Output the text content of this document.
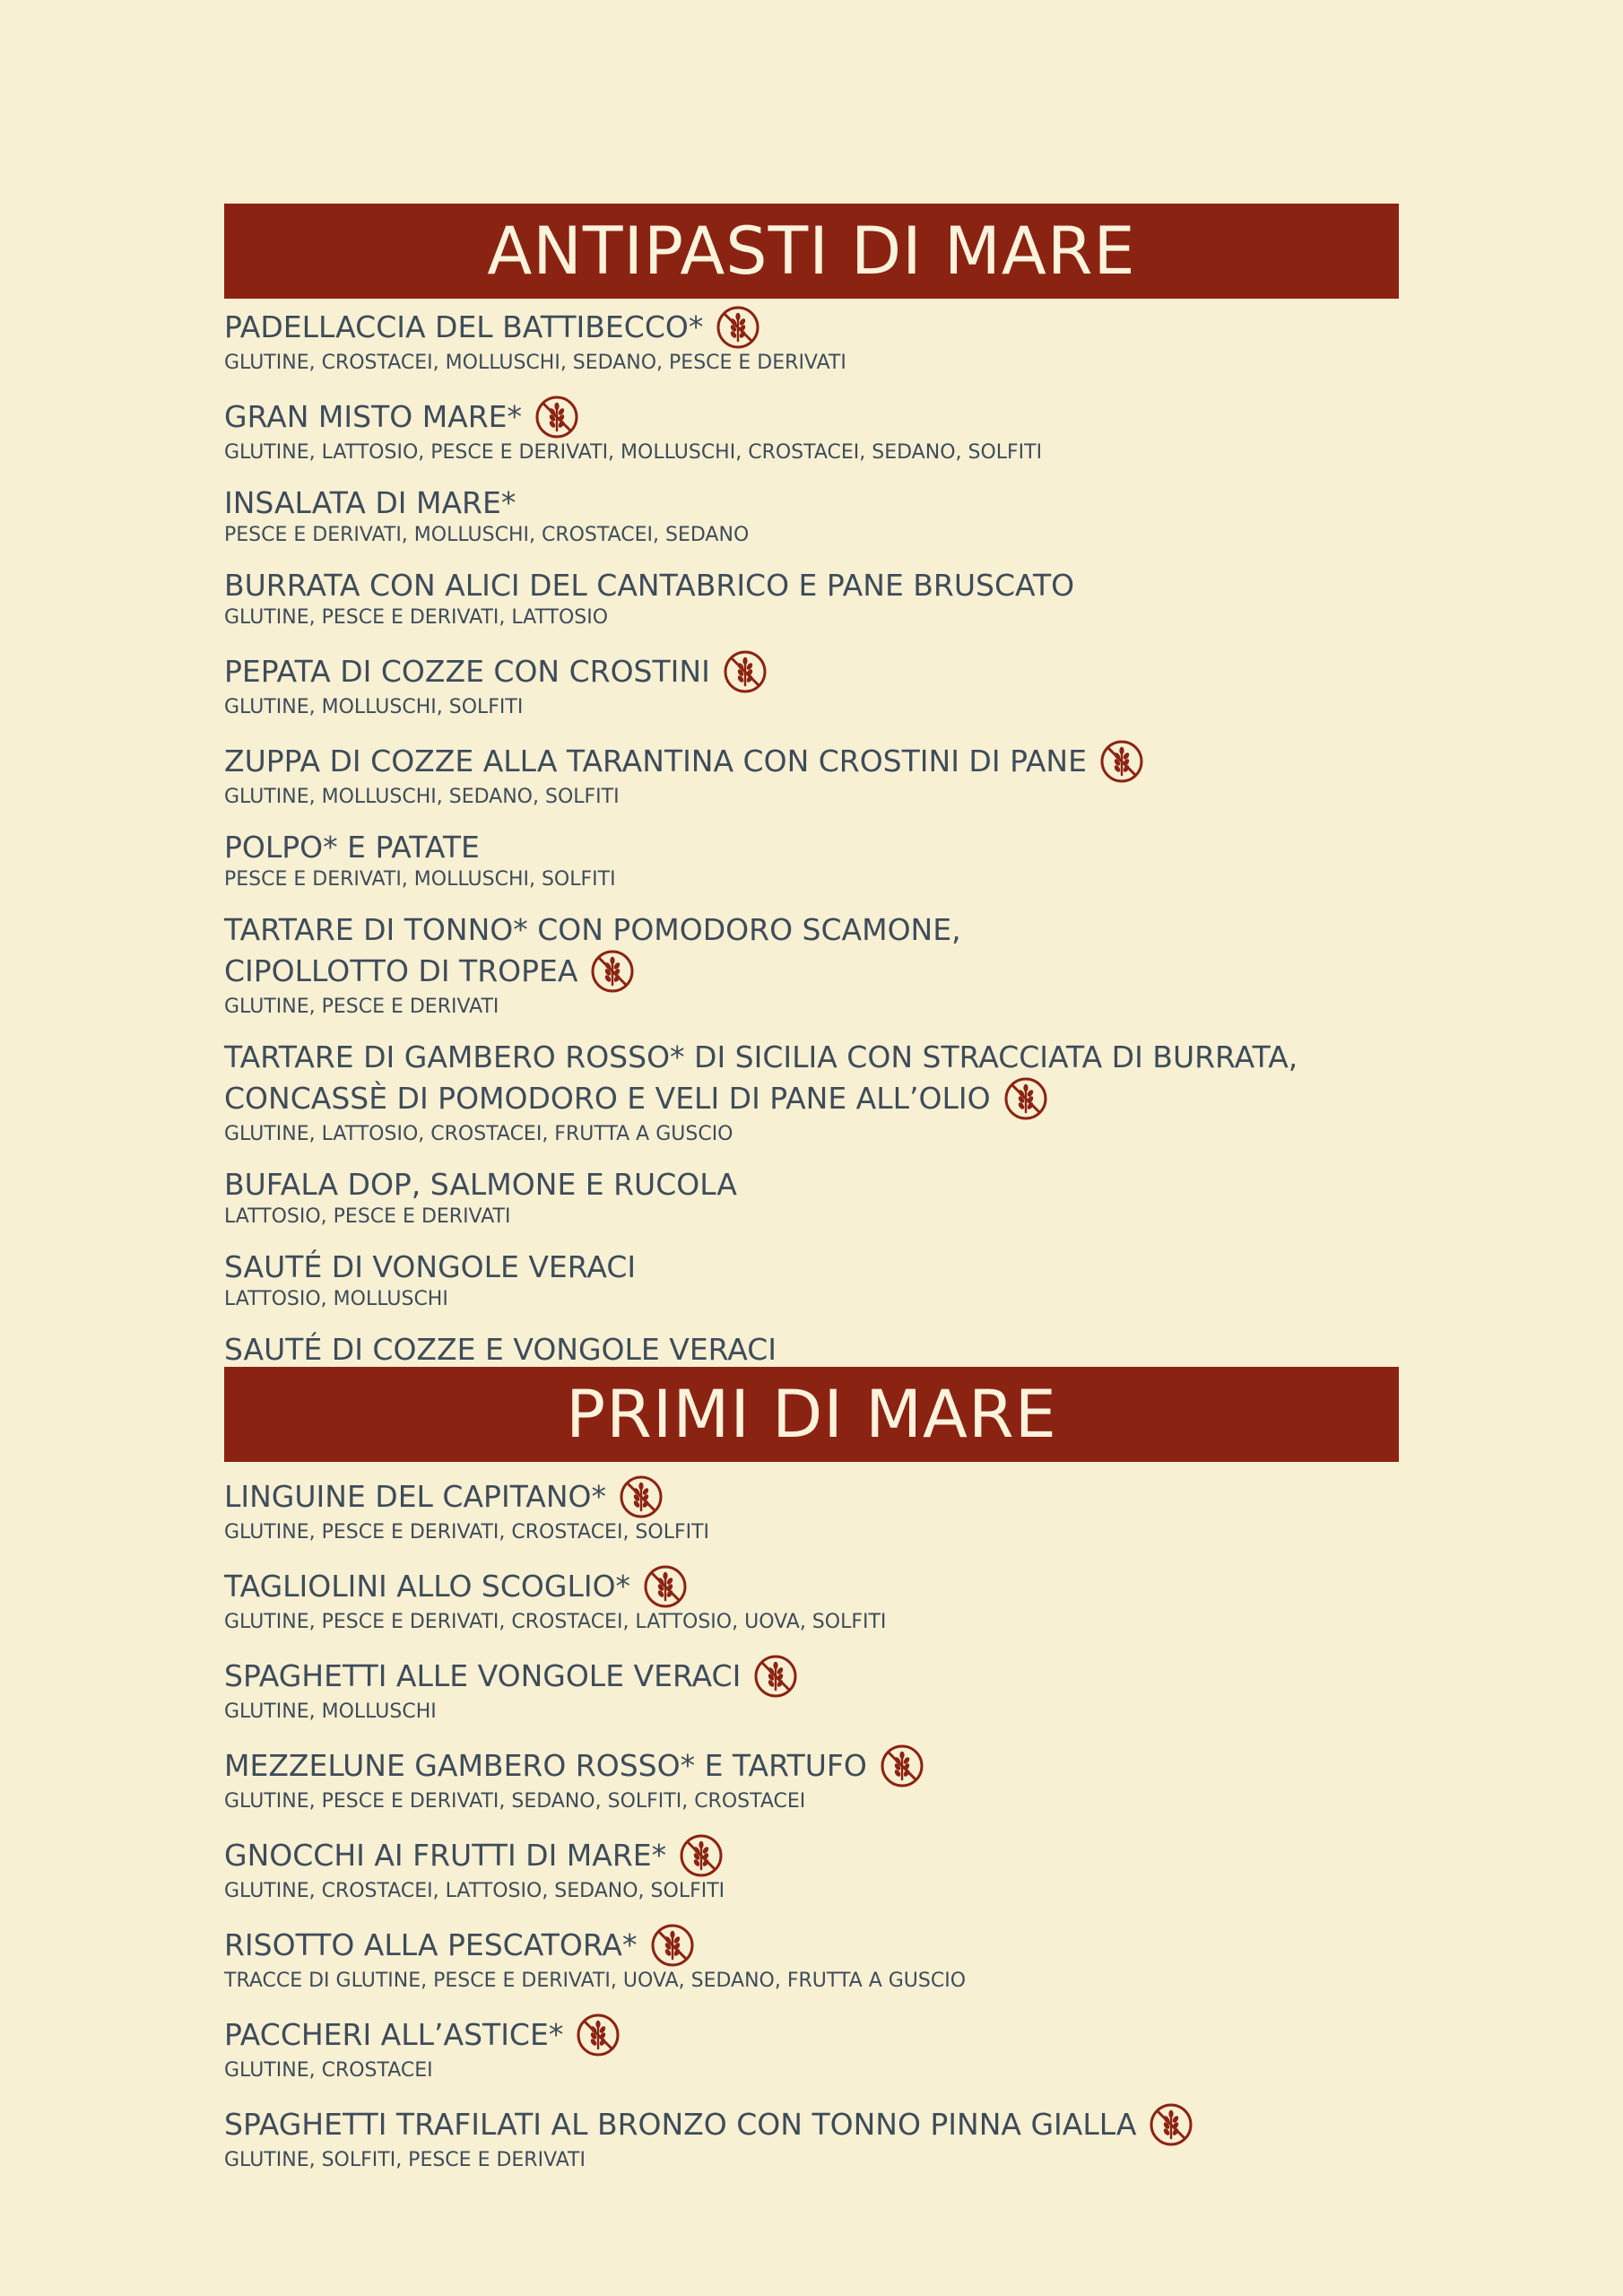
ANTIPASTI DI MARE
PADELLACCIA DEL BATTIBECCO*
GLUTINE, CROSTACEI, MOLLUSCHI, SEDANO, PESCE E DERIVATI
GRAN MISTO MARE*
GLUTINE, LATTOSIO, PESCE E DERIVATI, MOLLUSCHI, CROSTACEI, SEDANO, SOLFITI
INSALATA DI MARE*
PESCE E DERIVATI, MOLLUSCHI, CROSTACEI, SEDANO
BURRATA CON ALICI DEL CANTABRICO E PANE BRUSCATO
GLUTINE, PESCE E DERIVATI, LATTOSIO
PEPATA DI COZZE CON CROSTINI
GLUTINE, MOLLUSCHI, SOLFITI
ZUPPA DI COZZE ALLA TARANTINA CON CROSTINI DI PANE
GLUTINE, MOLLUSCHI, SEDANO, SOLFITI
POLPO* E PATATE
PESCE E DERIVATI, MOLLUSCHI, SOLFITI
TARTARE DI TONNO* CON POMODORO SCAMONE,
CIPOLLOTTO DI TROPEA
GLUTINE, PESCE E DERIVATI
TARTARE DI GAMBERO ROSSO* DI SICILIA CON STRACCIATA DI BURRATA,
CONCASSÈ DI POMODORO E VELI DI PANE ALL’OLIO
GLUTINE, LATTOSIO, CROSTACEI, FRUTTA A GUSCIO
BUFALA DOP, SALMONE E RUCOLA
LATTOSIO, PESCE E DERIVATI
SAUTÉ DI VONGOLE VERACI
LATTOSIO, MOLLUSCHI
SAUTÉ DI COZZE E VONGOLE VERACI
PRIMI DI MARE
LINGUINE DEL CAPITANO*
GLUTINE, PESCE E DERIVATI, CROSTACEI, SOLFITI
TAGLIOLINI ALLO SCOGLIO*
GLUTINE, PESCE E DERIVATI, CROSTACEI, LATTOSIO, UOVA, SOLFITI
SPAGHETTI ALLE VONGOLE VERACI
GLUTINE, MOLLUSCHI
MEZZELUNE GAMBERO ROSSO* E TARTUFO
GLUTINE, PESCE E DERIVATI, SEDANO, SOLFITI, CROSTACEI
GNOCCHI AI FRUTTI DI MARE*
GLUTINE, CROSTACEI, LATTOSIO, SEDANO, SOLFITI
RISOTTO ALLA PESCATORA*
TRACCE DI GLUTINE, PESCE E DERIVATI, UOVA, SEDANO, FRUTTA A GUSCIO
PACCHERI ALL’ASTICE*
GLUTINE, CROSTACEI
SPAGHETTI TRAFILATI AL BRONZO CON TONNO PINNA GIALLA
GLUTINE, SOLFITI, PESCE E DERIVATI
